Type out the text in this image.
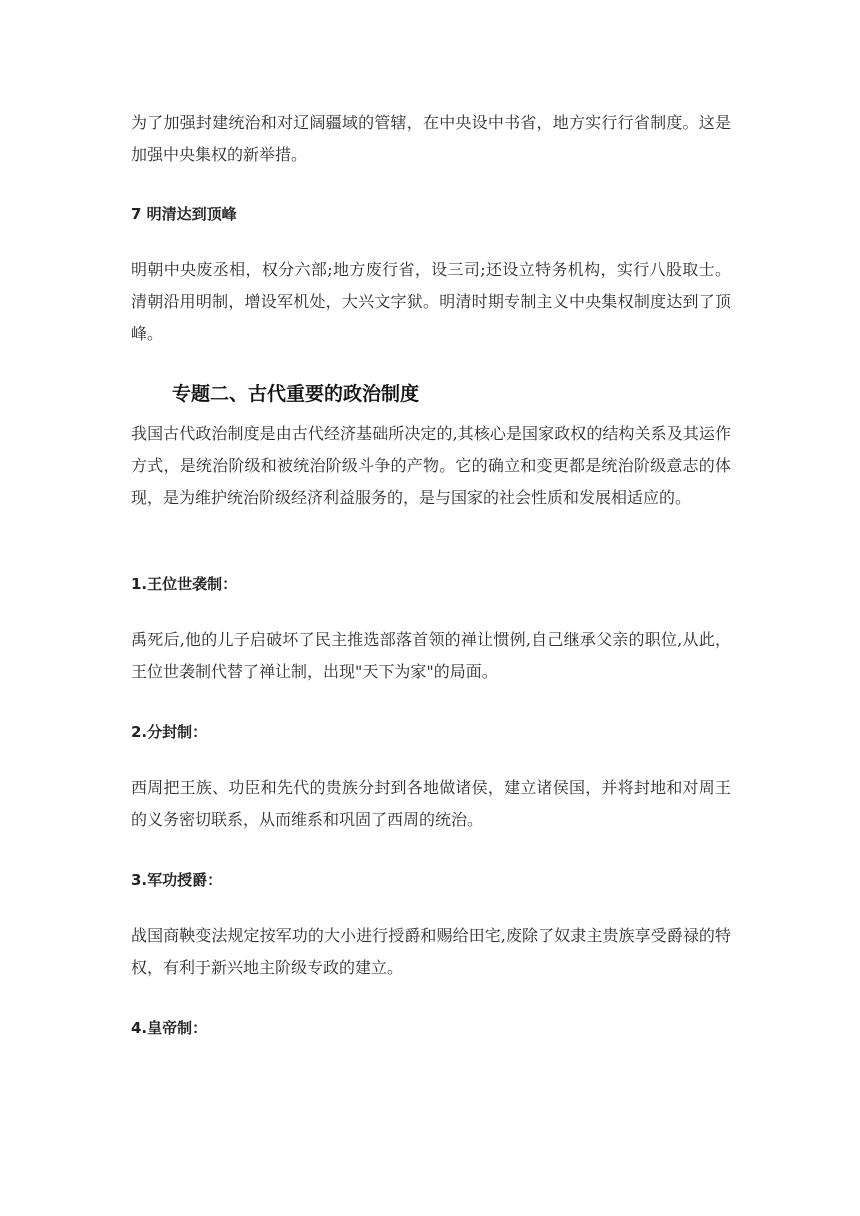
为了加强封建统治和对辽阔疆域的管辖，在中央设中书省，地方实行行省制度。这是加强中央集权的新举措。

7 明清达到顶峰

明朝中央废丞相，权分六部;地方废行省，设三司;还设立特务机构，实行八股取士。清朝沿用明制，增设军机处，大兴文字狱。明清时期专制主义中央集权制度达到了顶峰。

专题二、古代重要的政治制度

我国古代政治制度是由古代经济基础所决定的,其核心是国家政权的结构关系及其运作方式，是统治阶级和被统治阶级斗争的产物。它的确立和变更都是统治阶级意志的体现，是为维护统治阶级经济利益服务的，是与国家的社会性质和发展相适应的。

1.王位世袭制：

禹死后,他的儿子启破坏了民主推选部落首领的禅让惯例,自己继承父亲的职位,从此，王位世袭制代替了禅让制，出现"天下为家"的局面。

2.分封制：

西周把王族、功臣和先代的贵族分封到各地做诸侯，建立诸侯国，并将封地和对周王的义务密切联系，从而维系和巩固了西周的统治。

3.军功授爵：

战国商鞅变法规定按军功的大小进行授爵和赐给田宅,废除了奴隶主贵族享受爵禄的特权，有利于新兴地主阶级专政的建立。

4.皇帝制：
